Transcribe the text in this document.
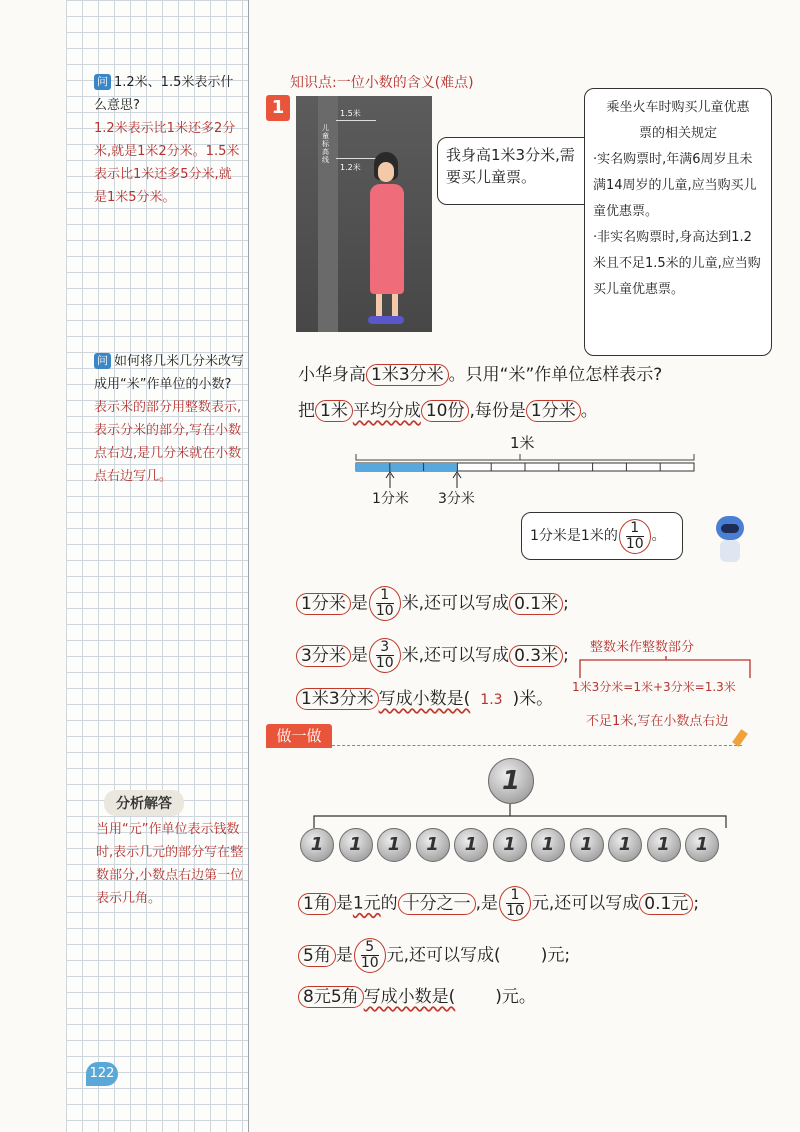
问 1.2米、1.5米表示什么意思?
1.2米表示比1米还多2分米,就是1米2分米。1.5米表示比1米还多5分米,就是1米5分米。
问 如何将几米几分米改写成用“米”作单位的小数?
表示米的部分用整数表示,表示分米的部分,写在小数点右边,是几分米就在小数点右边写几。
分析解答
当用“元”作单位表示钱数时,表示几元的部分写在整数部分,小数点右边第一位表示几角。
122
1
知识点:一位小数的含义(难点)
1.5米
1.2米
儿童标高线	我身高1米3分米,需要买儿童票。
乘坐火车时购买儿童优惠票的相关规定
·实名购票时,年满6周岁且未满14周岁的儿童,应当购买儿童优惠票。
·非实名购票时,身高达到1.2米且不足1.5米的儿童,应当购买儿童优惠票。
小华身高 1米3分米 。只用“米”作单位怎样表示?
把 1米 平均分成 10份 ,每份是 1分米 。
1米
1分米 3分米
1分米是1米的 $\frac{1}{10}$ 。
1分米 是 $\frac{1}{10}$ 米,还可以写成 0.1米 ;
3分米 是 $\frac{3}{10}$ 米,还可以写成 0.3米 ;
1米3分米 写成小数是( 1.3 )米。
整数米作整数部分
1米3分米=1米+3分米=1.3米
不足1米,写在小数点右边
做一做
1
1	1	1	1	1	1	1	1	1	1	1
1角 是1元的 十分之一 ,是 $\frac{1}{10}$ 元,还可以写成 0.1元 ;
5角 是 $\frac{5}{10}$ 元,还可以写成( )元;
8元5角 写成小数是( )元。
